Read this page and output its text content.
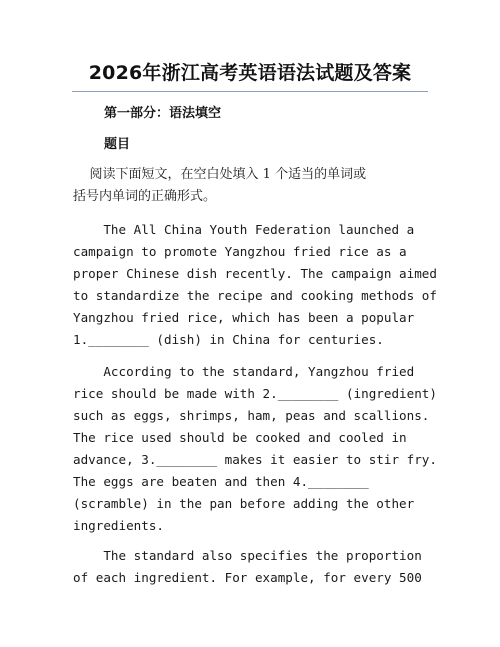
2026年浙江高考英语语法试题及答案
第一部分：语法填空
题目

阅读下面短文，在空白处填入 1 个适当的单词或
括号内单词的正确形式。

The All China Youth Federation launched a
campaign to promote Yangzhou fried rice as a
proper Chinese dish recently. The campaign aimed
to standardize the recipe and cooking methods of
Yangzhou fried rice, which has been a popular
1.________ (dish) in China for centuries.

According to the standard, Yangzhou fried
rice should be made with 2.________ (ingredient)
such as eggs, shrimps, ham, peas and scallions.
The rice used should be cooked and cooled in
advance, 3.________ makes it easier to stir fry.
The eggs are beaten and then 4.________
(scramble) in the pan before adding the other
ingredients.

The standard also specifies the proportion
of each ingredient. For example, for every 500
